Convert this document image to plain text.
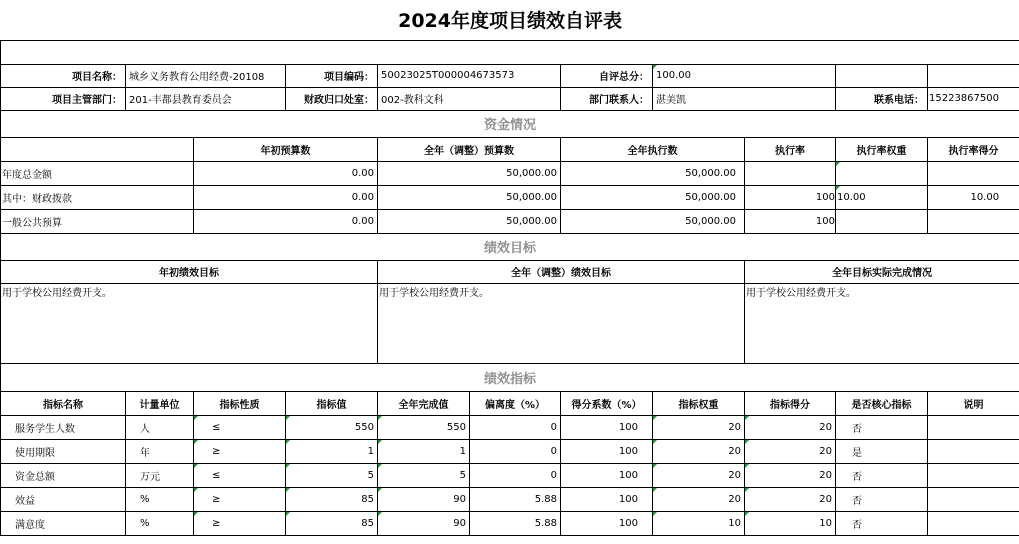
2024年度项目绩效自评表										

项目名称：	城乡义务教育公用经费-20108		项目编码：	50023025T000004673573		自评总分：	100.00			
项目主管部门：	201-丰都县教育委员会		财政归口处室：	002-教科文科		部门联系人：	湛美凯		联系电话：	15223867500
资金情况										
		年初预算数		全年（调整）预算数		全年执行数		执行率	执行率权重	执行率得分
年度总金额		0.00		50,000.00		50,000.00				
其中：财政拨款		0.00		50,000.00		50,000.00		100	10.00	10.00
一般公共预算		0.00		50,000.00		50,000.00		100		
绩效目标										
年初绩效目标				全年（调整）绩效目标				全年目标实际完成情况		
用于学校公用经费开支。				用于学校公用经费开支。				用于学校公用经费开支。		
绩效指标										
指标名称	计量单位	指标性质	指标值	全年完成值	偏离度（%）	得分系数（%）	指标权重	指标得分	是否核心指标	说明
服务学生人数	人	≤	550	550	0	100	20	20	否	
使用期限	年	≥	1	1	0	100	20	20	是	
资金总额	万元	≤	5	5	0	100	20	20	否	
效益	%	≥	85	90	5.88	100	20	20	否	
满意度	%	≥	85	90	5.88	100	10	10	否	
